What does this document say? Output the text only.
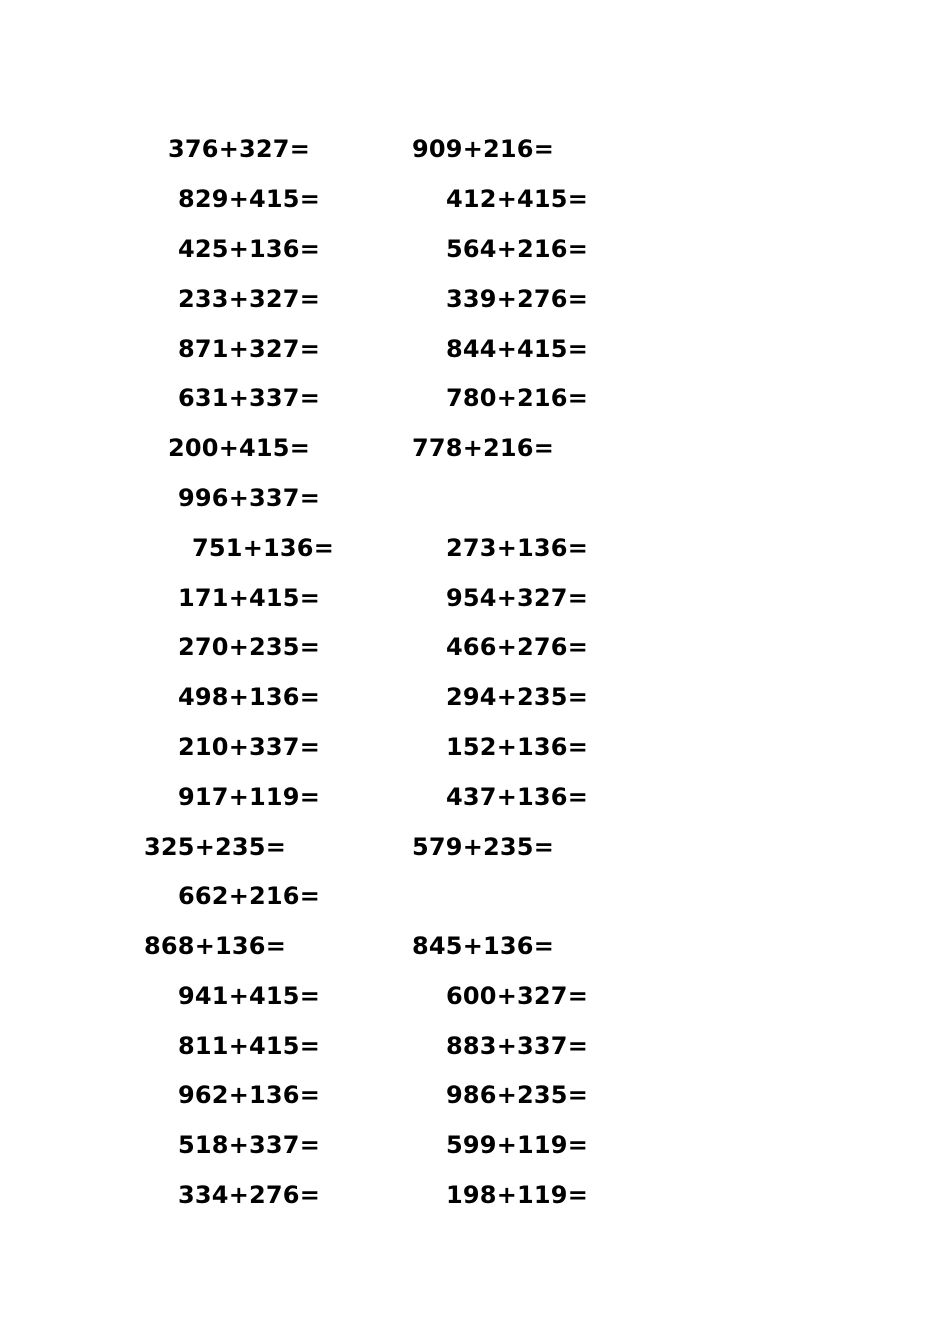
376+327=	909+216=
829+415=	412+415=
425+136=	564+216=
233+327=	339+276=
871+327=	844+415=
631+337=	780+216=
200+415=	778+216=
996+337=
751+136=	273+136=
171+415=	954+327=
270+235=	466+276=
498+136=	294+235=
210+337=	152+136=
917+119=	437+136=
325+235=	579+235=
662+216=
868+136=	845+136=
941+415=	600+327=
811+415=	883+337=
962+136=	986+235=
518+337=	599+119=
334+276=	198+119=
